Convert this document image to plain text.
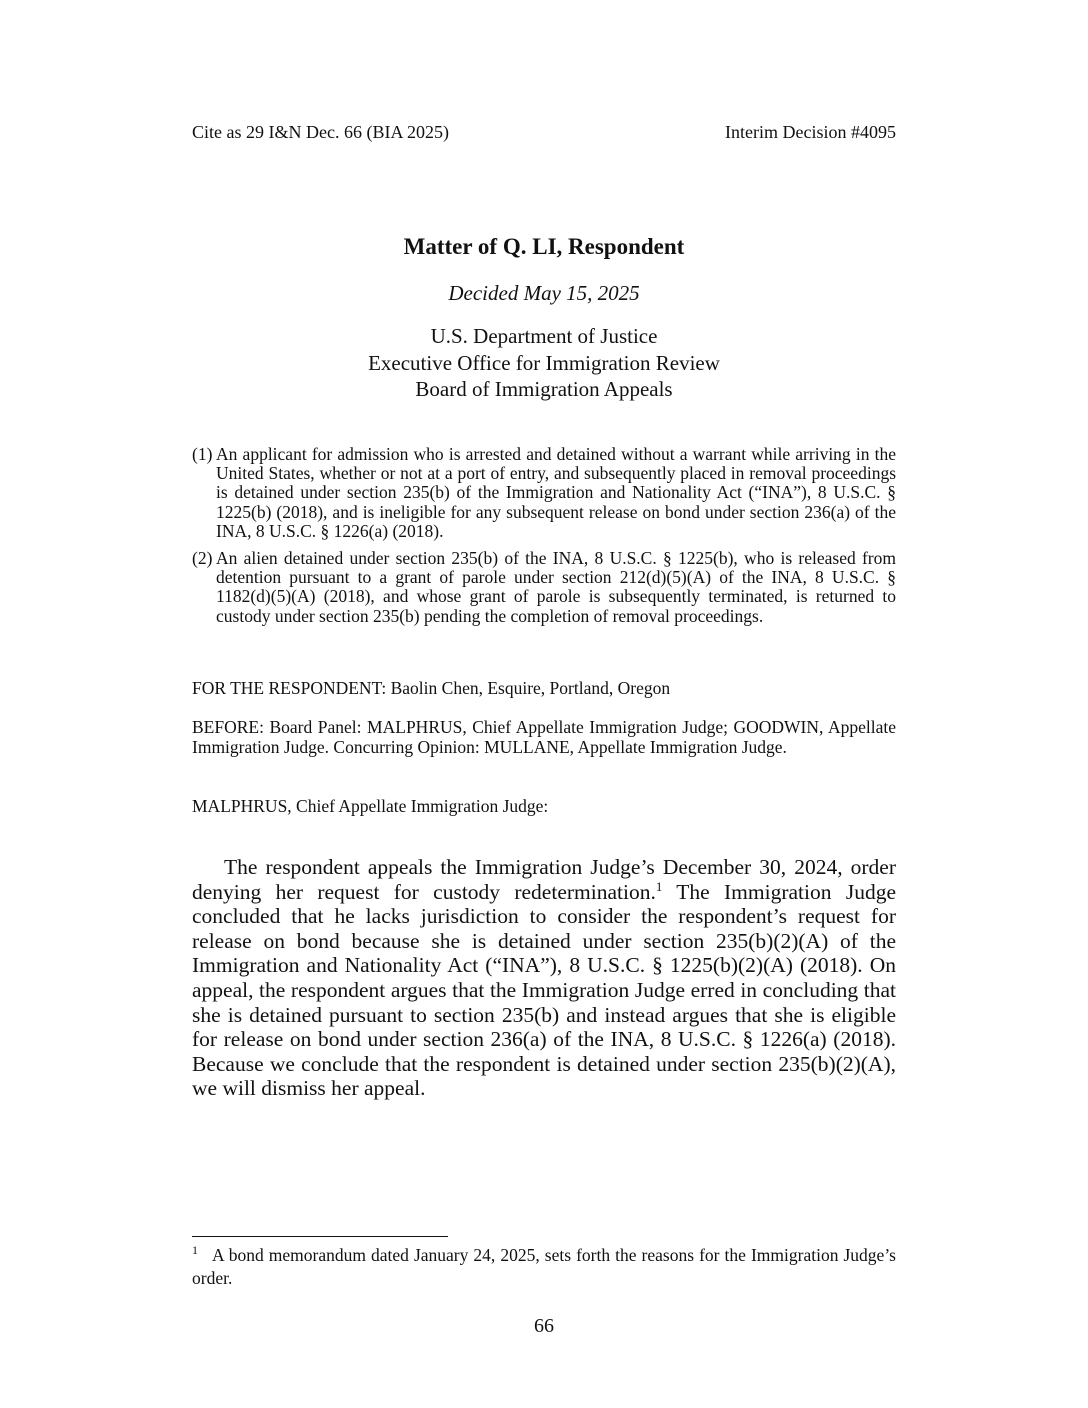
Cite as 29 I&N Dec. 66 (BIA 2025)	Interim Decision #4095
Matter of Q. LI, Respondent
Decided May 15, 2025
U.S. Department of Justice
Executive Office for Immigration Review
Board of Immigration Appeals
(1) An applicant for admission who is arrested and detained without a warrant while arriving in the United States, whether or not at a port of entry, and subsequently placed in removal proceedings is detained under section 235(b) of the Immigration and Nationality Act (“INA”), 8 U.S.C. § 1225(b) (2018), and is ineligible for any subsequent release on bond under section 236(a) of the INA, 8 U.S.C. § 1226(a) (2018).
(2) An alien detained under section 235(b) of the INA, 8 U.S.C. § 1225(b), who is released from detention pursuant to a grant of parole under section 212(d)(5)(A) of the INA, 8 U.S.C. § 1182(d)(5)(A) (2018), and whose grant of parole is subsequently terminated, is returned to custody under section 235(b) pending the completion of removal proceedings.
FOR THE RESPONDENT: Baolin Chen, Esquire, Portland, Oregon
BEFORE: Board Panel: MALPHRUS, Chief Appellate Immigration Judge; GOODWIN, Appellate Immigration Judge. Concurring Opinion: MULLANE, Appellate Immigration Judge.
MALPHRUS, Chief Appellate Immigration Judge:
The respondent appeals the Immigration Judge’s December 30, 2024, order denying her request for custody redetermination.$^1$ The Immigration Judge concluded that he lacks jurisdiction to consider the respondent’s request for release on bond because she is detained under section 235(b)(2)(A) of the Immigration and Nationality Act (“INA”), 8 U.S.C. § 1225(b)(2)(A) (2018). On appeal, the respondent argues that the Immigration Judge erred in concluding that she is detained pursuant to section 235(b) and instead argues that she is eligible for release on bond under section 236(a) of the INA, 8 U.S.C. § 1226(a) (2018). Because we conclude that the respondent is detained under section 235(b)(2)(A), we will dismiss her appeal.
$^1$ A bond memorandum dated January 24, 2025, sets forth the reasons for the Immigration Judge’s order.
66
